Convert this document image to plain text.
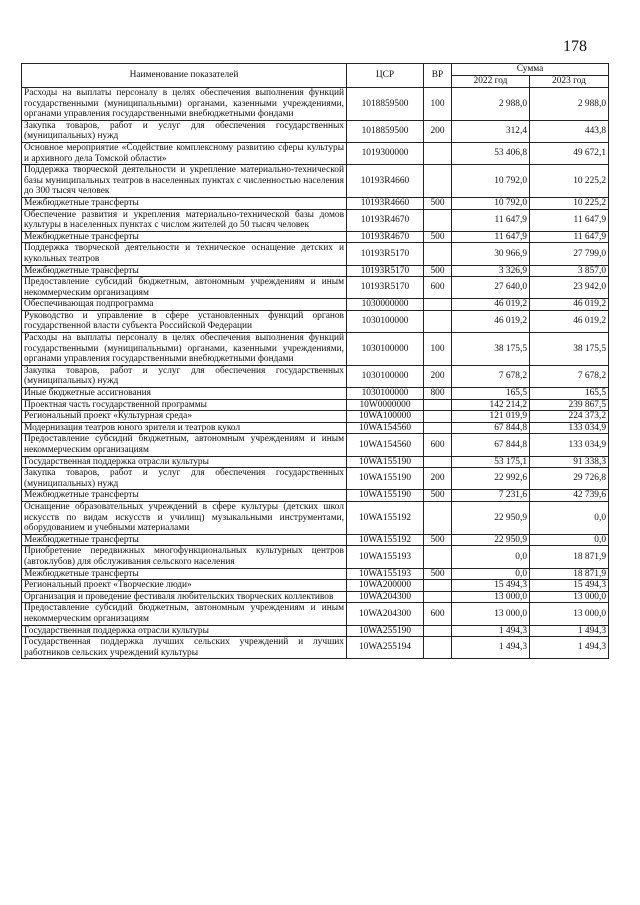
178
Наименование показателей	ЦСР	ВР	Сумма	
			2022 год	2023 год
Расходы на выплаты персоналу в целях обеспечения выполнения функций государственными (муниципальными) органами, казенными учреждениями, органами управления государственными внебюджетными фондами	1018859500	100	2 988,0	2 988,0
Закупка товаров, работ и услуг для обеспечения государственных (муниципальных) нужд	1018859500	200	312,4	443,8
Основное мероприятие «Содействие комплексному развитию сферы культуры и архивного дела Томской области»	1019300000		53 406,8	49 672,1
Поддержка творческой деятельности и укрепление материально-технической базы муниципальных театров в населенных пунктах с численностью населения до 300 тысяч человек	10193R4660		10 792,0	10 225,2
Межбюджетные трансферты	10193R4660	500	10 792,0	10 225,2
Обеспечение развития и укрепления материально-технической базы домов культуры в населенных пунктах с числом жителей до 50 тысяч человек	10193R4670		11 647,9	11 647,9
Межбюджетные трансферты	10193R4670	500	11 647,9	11 647,9
Поддержка творческой деятельности и техническое оснащение детских и кукольных театров	10193R5170		30 966,9	27 799,0
Межбюджетные трансферты	10193R5170	500	3 326,9	3 857,0
Предоставление субсидий бюджетным, автономным учреждениям и иным некоммерческим организациям	10193R5170	600	27 640,0	23 942,0
Обеспечивающая подпрограмма	1030000000		46 019,2	46 019,2
Руководство и управление в сфере установленных функций органов государственной власти субъекта Российской Федерации	1030100000		46 019,2	46 019,2
Расходы на выплаты персоналу в целях обеспечения выполнения функций государственными (муниципальными) органами, казенными учреждениями, органами управления государственными внебюджетными фондами	1030100000	100	38 175,5	38 175,5
Закупка товаров, работ и услуг для обеспечения государственных (муниципальных) нужд	1030100000	200	7 678,2	7 678,2
Иные бюджетные ассигнования	1030100000	800	165,5	165,5
Проектная часть государственной программы	10W0000000		142 214,2	239 867,5
Региональный проект «Культурная среда»	10WA100000		121 019,9	224 373,2
Модернизация театров юного зрителя и театров кукол	10WA154560		67 844,8	133 034,9
Предоставление субсидий бюджетным, автономным учреждениям и иным некоммерческим организациям	10WA154560	600	67 844,8	133 034,9
Государственная поддержка отрасли культуры	10WA155190		53 175,1	91 338,3
Закупка товаров, работ и услуг для обеспечения государственных (муниципальных) нужд	10WA155190	200	22 992,6	29 726,8
Межбюджетные трансферты	10WA155190	500	7 231,6	42 739,6
Оснащение образовательных учреждений в сфере культуры (детских школ искусств по видам искусств и училищ) музыкальными инструментами, оборудованием и учебными материалами	10WA155192		22 950,9	0,0
Межбюджетные трансферты	10WA155192	500	22 950,9	0,0
Приобретение передвижных многофункциональных культурных центров (автоклубов) для обслуживания сельского населения	10WA155193		0,0	18 871,9
Межбюджетные трансферты	10WA155193	500	0,0	18 871,9
Региональный проект «Творческие люди»	10WA200000		15 494,3	15 494,3
Организация и проведение фестиваля любительских творческих коллективов	10WA204300		13 000,0	13 000,0
Предоставление субсидий бюджетным, автономным учреждениям и иным некоммерческим организациям	10WA204300	600	13 000,0	13 000,0
Государственная поддержка отрасли культуры	10WA255190		1 494,3	1 494,3
Государственная поддержка лучших сельских учреждений и лучших работников сельских учреждений культуры	10WA255194		1 494,3	1 494,3
